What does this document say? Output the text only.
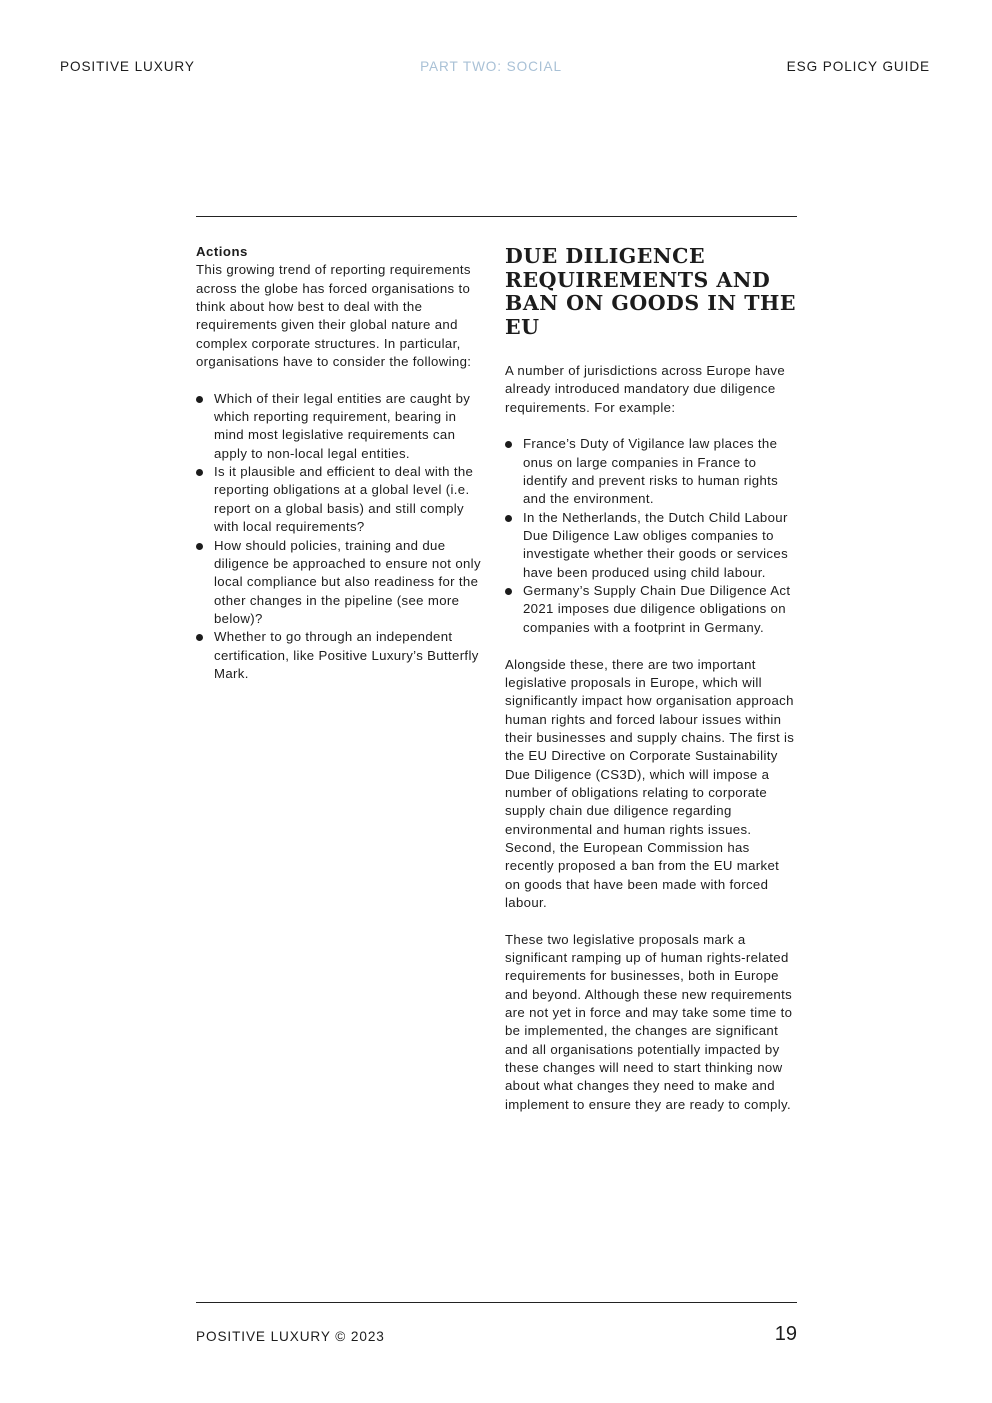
POSITIVE LUXURY	PART TWO: SOCIAL	ESG POLICY GUIDE

Actions

This growing trend of reporting requirements across the globe has forced organisations to think about how best to deal with the requirements given their global nature and complex corporate structures. In particular, organisations have to consider the following:

Which of their legal entities are caught by which reporting requirement, bearing in mind most legislative requirements can apply to non-local legal entities.
Is it plausible and efficient to deal with the reporting obligations at a global level (i.e. report on a global basis) and still comply with local requirements?
How should policies, training and due diligence be approached to ensure not only local compliance but also readiness for the other changes in the pipeline (see more below)?
Whether to go through an independent certification, like Positive Luxury’s Butterfly Mark.
DUE DILIGENCE REQUIREMENTS AND BAN ON GOODS IN THE EU

A number of jurisdictions across Europe have already introduced mandatory due diligence requirements. For example:

France’s Duty of Vigilance law places the onus on large companies in France to identify and prevent risks to human rights and the environment.
In the Netherlands, the Dutch Child Labour Due Diligence Law obliges companies to investigate whether their goods or services have been produced using child labour.
Germany’s Supply Chain Due Diligence Act 2021 imposes due diligence obligations on companies with a footprint in Germany.

Alongside these, there are two important legislative proposals in Europe, which will significantly impact how organisation approach human rights and forced labour issues within their businesses and supply chains. The first is the EU Directive on Corporate Sustainability Due Diligence (CS3D), which will impose a number of obligations relating to corporate supply chain due diligence regarding environmental and human rights issues. Second, the European Commission has recently proposed a ban from the EU market on goods that have been made with forced labour.

These two legislative proposals mark a significant ramping up of human rights-related requirements for businesses, both in Europe and beyond. Although these new requirements are not yet in force and may take some time to be implemented, the changes are significant and all organisations potentially impacted by these changes will need to start thinking now about what changes they need to make and implement to ensure they are ready to comply.

POSITIVE LUXURY © 2023	19
